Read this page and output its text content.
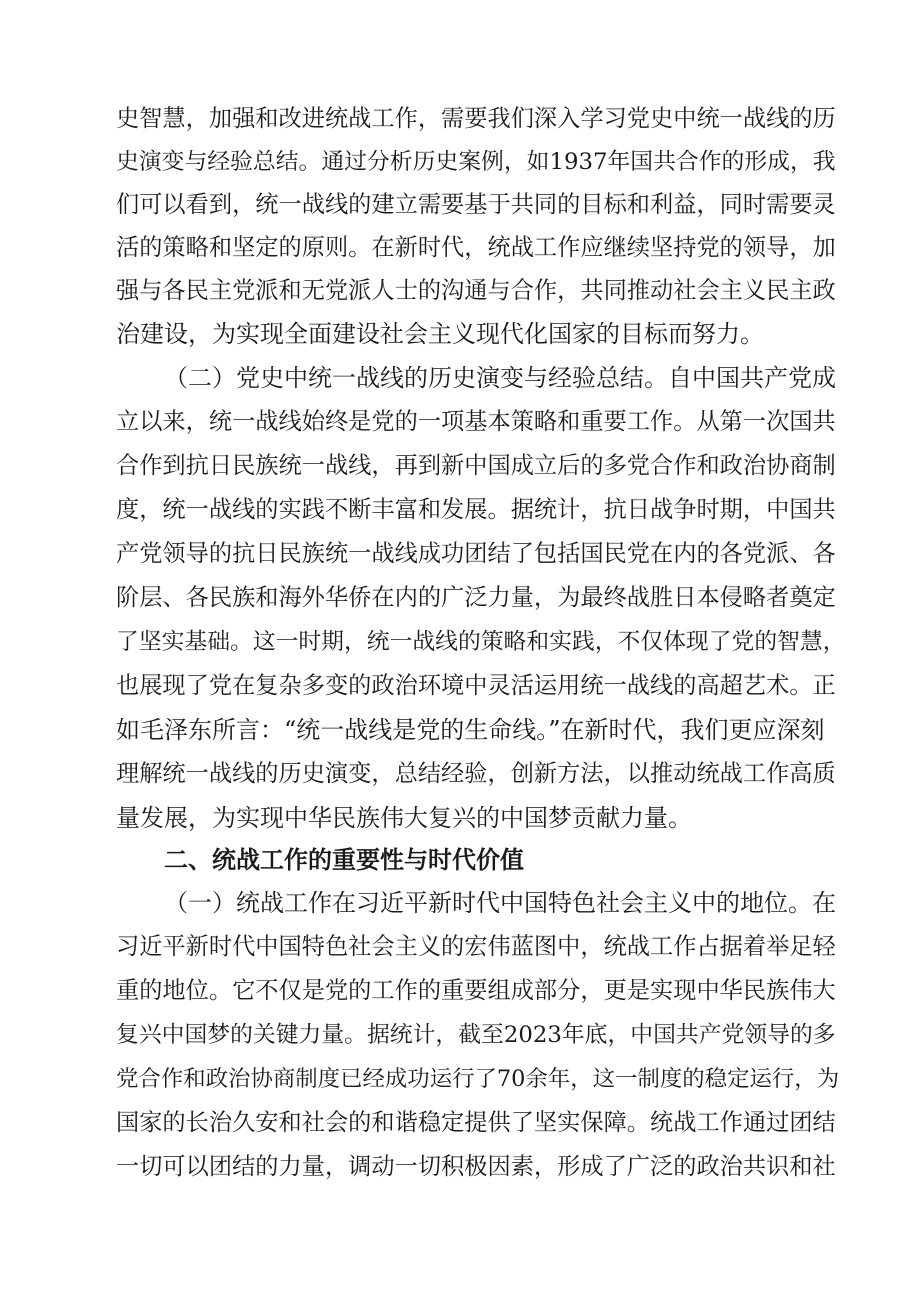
史智慧，加强和改进统战工作，需要我们深入学习党史中统一战线的历
史演变与经验总结。通过分析历史案例，如1937年国共合作的形成，我
们可以看到，统一战线的建立需要基于共同的目标和利益，同时需要灵
活的策略和坚定的原则。在新时代，统战工作应继续坚持党的领导，加
强与各民主党派和无党派人士的沟通与合作，共同推动社会主义民主政
治建设，为实现全面建设社会主义现代化国家的目标而努力。
（二）党史中统一战线的历史演变与经验总结。自中国共产党成
立以来，统一战线始终是党的一项基本策略和重要工作。从第一次国共
合作到抗日民族统一战线，再到新中国成立后的多党合作和政治协商制
度，统一战线的实践不断丰富和发展。据统计，抗日战争时期，中国共
产党领导的抗日民族统一战线成功团结了包括国民党在内的各党派、各
阶层、各民族和海外华侨在内的广泛力量，为最终战胜日本侵略者奠定
了坚实基础。这一时期，统一战线的策略和实践，不仅体现了党的智慧，
也展现了党在复杂多变的政治环境中灵活运用统一战线的高超艺术。正
如毛泽东所言：“统一战线是党的生命线。”在新时代，我们更应深刻
理解统一战线的历史演变，总结经验，创新方法，以推动统战工作高质
量发展，为实现中华民族伟大复兴的中国梦贡献力量。
二、统战工作的重要性与时代价值
（一）统战工作在习近平新时代中国特色社会主义中的地位。在
习近平新时代中国特色社会主义的宏伟蓝图中，统战工作占据着举足轻
重的地位。它不仅是党的工作的重要组成部分，更是实现中华民族伟大
复兴中国梦的关键力量。据统计，截至2023年底，中国共产党领导的多
党合作和政治协商制度已经成功运行了70余年，这一制度的稳定运行，为
国家的长治久安和社会的和谐稳定提供了坚实保障。统战工作通过团结
一切可以团结的力量，调动一切积极因素，形成了广泛的政治共识和社
